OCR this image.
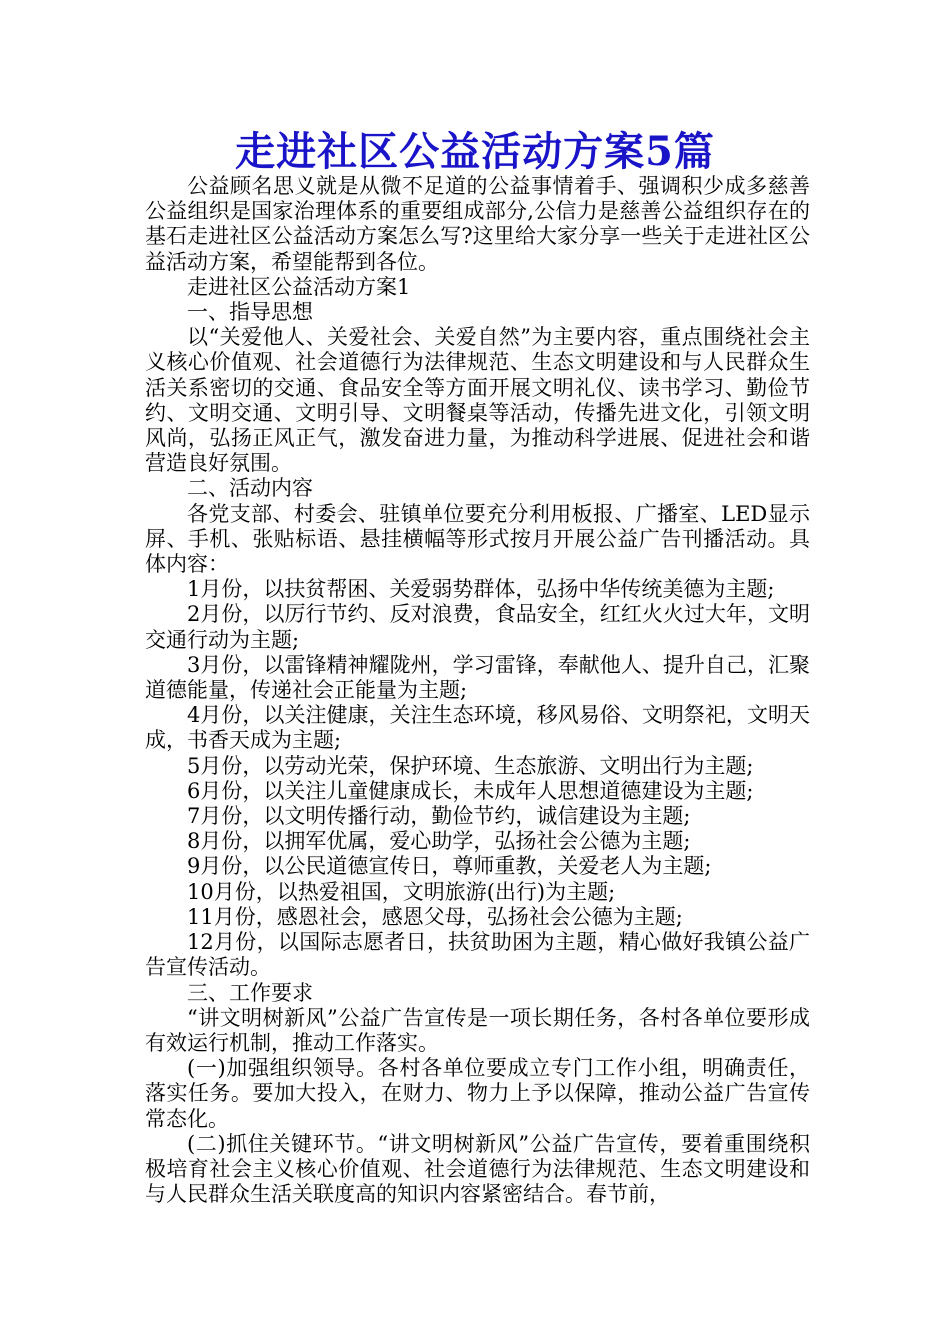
走进社区公益活动方案5篇

公益顾名思义就是从微不足道的公益事情着手、强调积少成多慈善公益组织是国家治理体系的重要组成部分,公信力是慈善公益组织存在的基石走进社区公益活动方案怎么写?这里给大家分享一些关于走进社区公益活动方案，希望能帮到各位。

走进社区公益活动方案1

一、指导思想

以“关爱他人、关爱社会、关爱自然”为主要内容，重点围绕社会主义核心价值观、社会道德行为法律规范、生态文明建设和与人民群众生活关系密切的交通、食品安全等方面开展文明礼仪、读书学习、勤俭节约、文明交通、文明引导、文明餐桌等活动，传播先进文化，引领文明风尚，弘扬正风正气，激发奋进力量，为推动科学进展、促进社会和谐营造良好氛围。

二、活动内容

各党支部、村委会、驻镇单位要充分利用板报、广播室、LED显示屏、手机、张贴标语、悬挂横幅等形式按月开展公益广告刊播活动。具体内容：

1月份，以扶贫帮困、关爱弱势群体，弘扬中华传统美德为主题;

2月份，以厉行节约、反对浪费，食品安全，红红火火过大年，文明交通行动为主题;

3月份，以雷锋精神耀陇州，学习雷锋，奉献他人、提升自己，汇聚道德能量，传递社会正能量为主题;

4月份，以关注健康，关注生态环境，移风易俗、文明祭祀，文明天成，书香天成为主题;

5月份，以劳动光荣，保护环境、生态旅游、文明出行为主题;

6月份，以关注儿童健康成长，未成年人思想道德建设为主题;

7月份，以文明传播行动，勤俭节约，诚信建设为主题;

8月份，以拥军优属，爱心助学，弘扬社会公德为主题;

9月份，以公民道德宣传日，尊师重教，关爱老人为主题;

10月份，以热爱祖国，文明旅游(出行)为主题;

11月份，感恩社会，感恩父母，弘扬社会公德为主题;

12月份，以国际志愿者日，扶贫助困为主题，精心做好我镇公益广告宣传活动。

三、工作要求

“讲文明树新风”公益广告宣传是一项长期任务，各村各单位要形成有效运行机制，推动工作落实。

(一)加强组织领导。各村各单位要成立专门工作小组，明确责任，落实任务。要加大投入，在财力、物力上予以保障，推动公益广告宣传常态化。

(二)抓住关键环节。“讲文明树新风”公益广告宣传，要着重围绕积极培育社会主义核心价值观、社会道德行为法律规范、生态文明建设和与人民群众生活关联度高的知识内容紧密结合。春节前，
